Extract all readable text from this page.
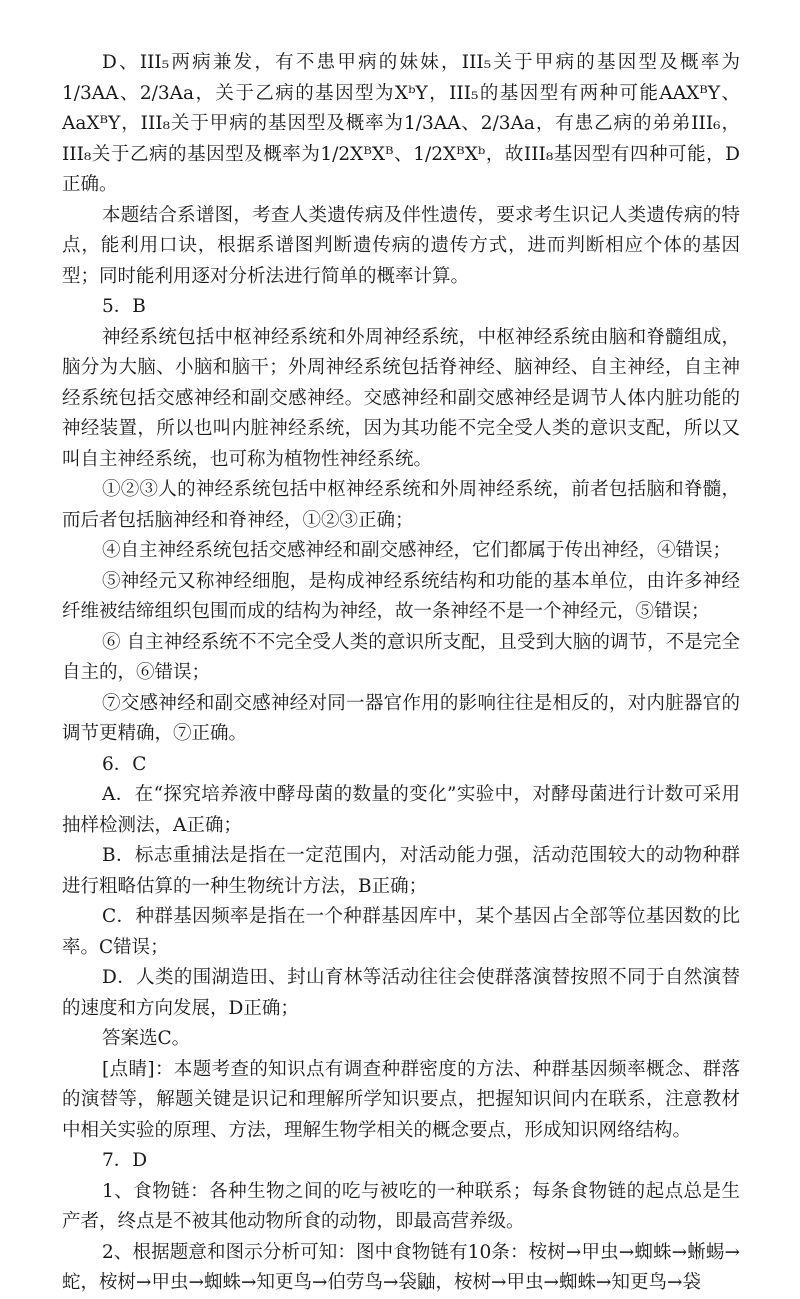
D、III₅两病兼发，有不患甲病的妹妹，III₅关于甲病的基因型及概率为1/3AA、2/3Aa，关于乙病的基因型为XᵇY，III₅的基因型有两种可能AAXᴮY、AaXᴮY，III₈关于甲病的基因型及概率为1/3AA、2/3Aa，有患乙病的弟弟III₆，III₈关于乙病的基因型及概率为1/2XᴮXᴮ、1/2XᴮXᵇ，故III₈基因型有四种可能，D正确。

本题结合系谱图，考查人类遗传病及伴性遗传，要求考生识记人类遗传病的特点，能利用口诀，根据系谱图判断遗传病的遗传方式，进而判断相应个体的基因型；同时能利用逐对分析法进行简单的概率计算。

5．B

神经系统包括中枢神经系统和外周神经系统，中枢神经系统由脑和脊髓组成，脑分为大脑、小脑和脑干；外周神经系统包括脊神经、脑神经、自主神经，自主神经系统包括交感神经和副交感神经。交感神经和副交感神经是调节人体内脏功能的神经装置，所以也叫内脏神经系统，因为其功能不完全受人类的意识支配，所以又叫自主神经系统，也可称为植物性神经系统。

①②③人的神经系统包括中枢神经系统和外周神经系统，前者包括脑和脊髓，而后者包括脑神经和脊神经，①②③正确；

④自主神经系统包括交感神经和副交感神经，它们都属于传出神经，④错误；

⑤神经元又称神经细胞，是构成神经系统结构和功能的基本单位，由许多神经纤维被结缔组织包围而成的结构为神经，故一条神经不是一个神经元，⑤错误；

⑥ 自主神经系统不不完全受人类的意识所支配，且受到大脑的调节，不是完全自主的，⑥错误；

⑦交感神经和副交感神经对同一器官作用的影响往往是相反的，对内脏器官的调节更精确，⑦正确。

6．C

A．在“探究培养液中酵母菌的数量的变化”实验中，对酵母菌进行计数可采用抽样检测法，A正确；

B．标志重捕法是指在一定范围内，对活动能力强，活动范围较大的动物种群进行粗略估算的一种生物统计方法，B正确；

C．种群基因频率是指在一个种群基因库中，某个基因占全部等位基因数的比率。C错误；

D．人类的围湖造田、封山育林等活动往往会使群落演替按照不同于自然演替的速度和方向发展，D正确；

答案选C。

[点睛]：本题考查的知识点有调查种群密度的方法、种群基因频率概念、群落的演替等，解题关键是识记和理解所学知识要点，把握知识间内在联系，注意教材中相关实验的原理、方法，理解生物学相关的概念要点，形成知识网络结构。

7．D

1、食物链：各种生物之间的吃与被吃的一种联系；每条食物链的起点总是生产者，终点是不被其他动物所食的动物，即最高营养级。

2、根据题意和图示分析可知：图中食物链有10条：桉树→甲虫→蜘蛛→蜥蜴→蛇，桉树→甲虫→蜘蛛→知更鸟→伯劳鸟→袋鼬，桉树→甲虫→蜘蛛→知更鸟→袋
